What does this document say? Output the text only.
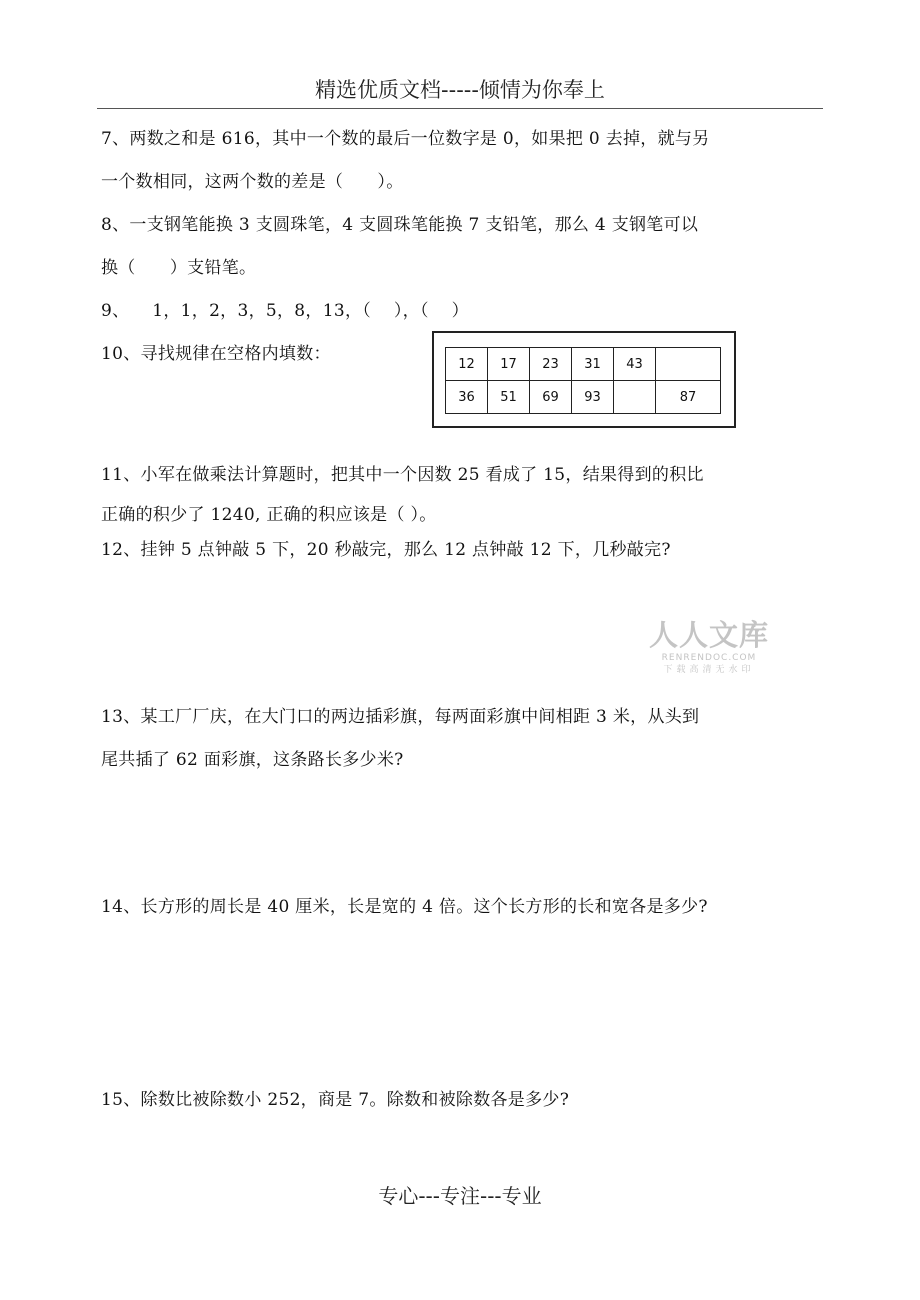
精选优质文档-----倾情为你奉上
7、两数之和是 616，其中一个数的最后一位数字是 0，如果把 0 去掉，就与另
一个数相同，这两个数的差是（      ）。
8、一支钢笔能换 3 支圆珠笔，4 支圆珠笔能换 7 支铅笔，那么 4 支钢笔可以
换（      ）支铅笔。
9、    1，1，2，3，5，8，13，（    ），（    ）
10、寻找规律在空格内填数：	12	17	23	31	43	
36	51	69	93		87
11、小军在做乘法计算题时，把其中一个因数 25 看成了 15，结果得到的积比
正确的积少了 1240, 正确的积应该是（ ）。
12、挂钟 5 点钟敲 5 下，20 秒敲完，那么 12 点钟敲 12 下，几秒敲完?
人人文库
RENRENDOC.COM
下载高清无水印
13、某工厂厂庆，在大门口的两边插彩旗，每两面彩旗中间相距 3 米，从头到
尾共插了 62 面彩旗，这条路长多少米?
14、长方形的周长是 40 厘米，长是宽的 4 倍。这个长方形的长和宽各是多少?
15、除数比被除数小 252，商是 7。除数和被除数各是多少?
专心---专注---专业
